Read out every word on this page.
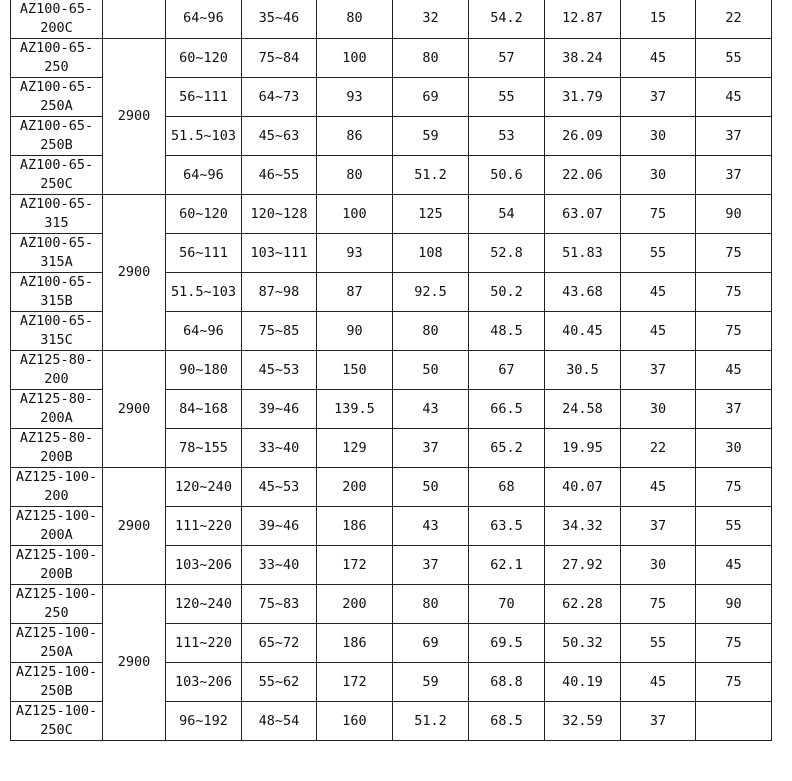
AZ100-65-200C		64~96	35~46	80	32	54.2	12.87	15	22
AZ100-65-250	2900	60~120	75~84	100	80	57	38.24	45	55
AZ100-65-250A		56~111	64~73	93	69	55	31.79	37	45
AZ100-65-250B		51.5~103	45~63	86	59	53	26.09	30	37
AZ100-65-250C		64~96	46~55	80	51.2	50.6	22.06	30	37
AZ100-65-315	2900	60~120	120~128	100	125	54	63.07	75	90
AZ100-65-315A		56~111	103~111	93	108	52.8	51.83	55	75
AZ100-65-315B		51.5~103	87~98	87	92.5	50.2	43.68	45	75
AZ100-65-315C		64~96	75~85	90	80	48.5	40.45	45	75
AZ125-80-200	2900	90~180	45~53	150	50	67	30.5	37	45
AZ125-80-200A		84~168	39~46	139.5	43	66.5	24.58	30	37
AZ125-80-200B		78~155	33~40	129	37	65.2	19.95	22	30
AZ125-100-200	2900	120~240	45~53	200	50	68	40.07	45	75
AZ125-100-200A		111~220	39~46	186	43	63.5	34.32	37	55
AZ125-100-200B		103~206	33~40	172	37	62.1	27.92	30	45
AZ125-100-250	2900	120~240	75~83	200	80	70	62.28	75	90
AZ125-100-250A		111~220	65~72	186	69	69.5	50.32	55	75
AZ125-100-250B		103~206	55~62	172	59	68.8	40.19	45	75
AZ125-100-250C		96~192	48~54	160	51.2	68.5	32.59	37	
